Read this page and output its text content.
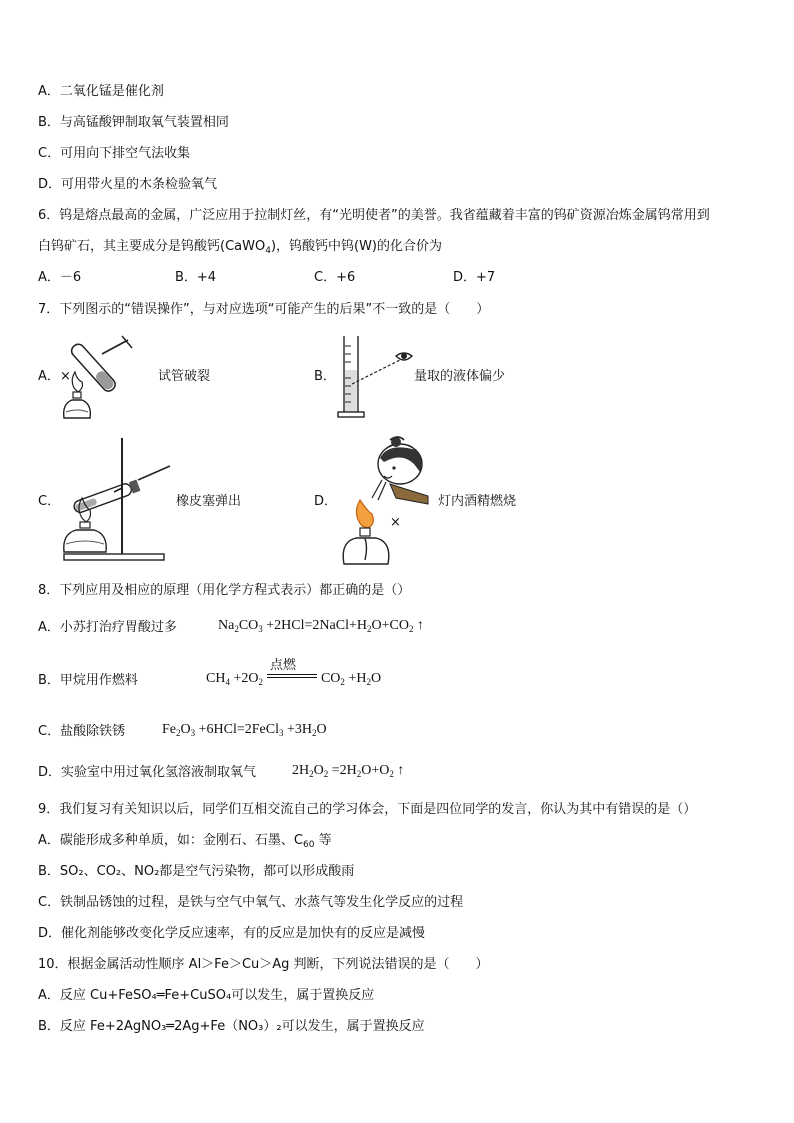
A．二氧化锰是催化剂
B．与高锰酸钾制取氧气装置相同
C．可用向下排空气法收集
D．可用带火星的木条检验氧气
6．钨是熔点最高的金属，广泛应用于拉制灯丝，有“光明使者”的美誉。我省蕴藏着丰富的钨矿资源冶炼金属钨常用到
白钨矿石，其主要成分是钨酸钙(CaWO$_4$)，钨酸钙中钨(W)的化合价为
A．－6	B．+4	C．+6	D．+7
7．下列图示的“错误操作”，与对应选项“可能产生的后果”不一致的是（　　）
A． ×	试管破裂	B．	量取的液体偏少
C．	橡皮塞弹出	D．
×
灯内酒精燃烧
8．下列应用及相应的原理（用化学方程式表示）都正确的是（）
A．小苏打治疗胃酸过多	$Na_2CO_3$ $+2HCl=2NaCl+H_2O+CO_2$ ↑
B．甲烷用作燃料	$CH_4 +2O_2$	$CO_2 +H_2O$
点燃
C．盐酸除铁锈	$Fe_2O_3$ +6HCl=2FeCl$_3$ $+3H_2O$
D．实验室中用过氧化氢溶液制取氧气	$2H_2O_2 =2H_2O+O_2$ ↑
9．我们复习有关知识以后，同学们互相交流自己的学习体会，下面是四位同学的发言，你认为其中有错误的是（）
A．碳能形成多种单质，如：金刚石、石墨、$C_{60}$ 等
B．SO₂、CO₂、NO₂都是空气污染物，都可以形成酸雨
C．铁制品锈蚀的过程，是铁与空气中氧气、水蒸气等发生化学反应的过程
D．催化剂能够改变化学反应速率，有的反应是加快有的反应是减慢
10．根据金属活动性顺序 Al＞Fe＞Cu＞Ag 判断，下列说法错误的是（　　）
A．反应 Cu+FeSO₄═Fe+CuSO₄可以发生，属于置换反应
B．反应 Fe+2AgNO₃═2Ag+Fe（NO₃）₂可以发生，属于置换反应
